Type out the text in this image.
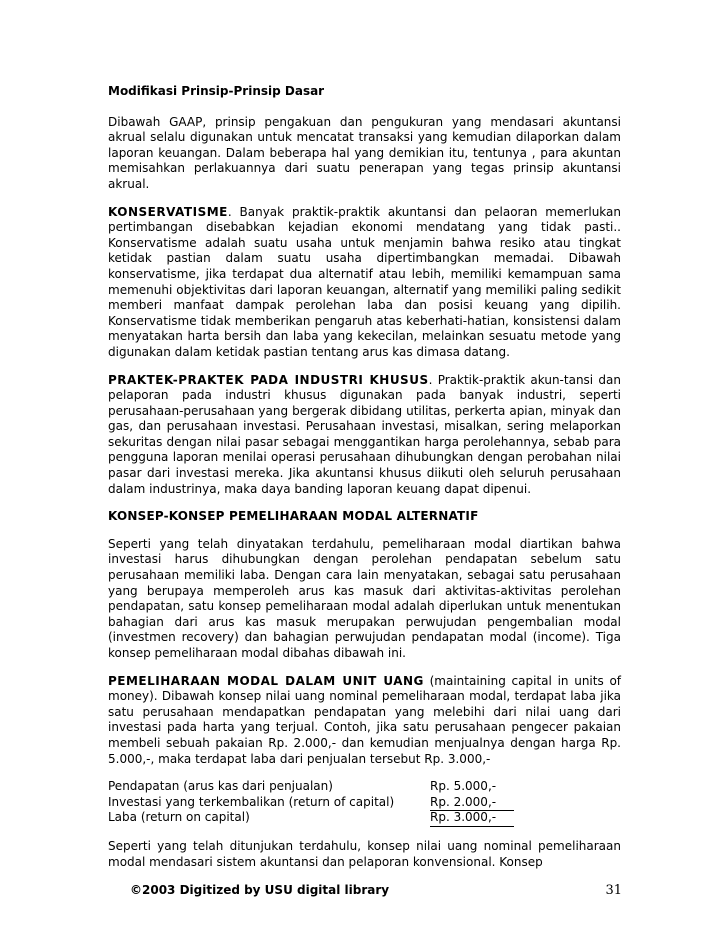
Modifikasi Prinsip-Prinsip Dasar

Dibawah GAAP, prinsip pengakuan dan pengukuran yang mendasari akuntansi akrual selalu digunakan untuk mencatat transaksi yang kemudian dilaporkan dalam laporan keuangan. Dalam beberapa hal yang demikian itu, tentunya , para akuntan memisahkan perlakuannya dari suatu penerapan yang tegas prinsip akuntansi akrual.

KONSERVATISME. Banyak praktik-praktik akuntansi dan pelaoran memerlukan pertimbangan disebabkan kejadian ekonomi mendatang yang tidak pasti.. Konservatisme adalah suatu usaha untuk menjamin bahwa resiko atau tingkat ketidak pastian dalam suatu usaha dipertimbangkan memadai. Dibawah konservatisme, jika terdapat dua alternatif atau lebih, memiliki kemampuan sama memenuhi objektivitas dari laporan keuangan, alternatif yang memiliki paling sedikit memberi manfaat dampak perolehan laba dan posisi keuang yang dipilih. Konservatisme tidak memberikan pengaruh atas keberhati-hatian, konsistensi dalam menyatakan harta bersih dan laba yang kekecilan, melainkan sesuatu metode yang digunakan dalam ketidak pastian tentang arus kas dimasa datang.

PRAKTEK-PRAKTEK PADA INDUSTRI KHUSUS. Praktik-praktik akun-tansi dan pelaporan pada industri khusus digunakan pada banyak industri, seperti perusahaan-perusahaan yang bergerak dibidang utilitas, perkerta apian, minyak dan gas, dan perusahaan investasi. Perusahaan investasi, misalkan, sering melaporkan sekuritas dengan nilai pasar sebagai menggantikan harga perolehannya, sebab para pengguna laporan menilai operasi perusahaan dihubungkan dengan perobahan nilai pasar dari investasi mereka. Jika akuntansi khusus diikuti oleh seluruh perusahaan dalam industrinya, maka daya banding laporan keuang dapat dipenui.

KONSEP-KONSEP PEMELIHARAAN MODAL ALTERNATIF

Seperti yang telah dinyatakan terdahulu, pemeliharaan modal diartikan bahwa investasi harus dihubungkan dengan perolehan pendapatan sebelum satu perusahaan memiliki laba. Dengan cara lain menyatakan, sebagai satu perusahaan yang berupaya memperoleh arus kas masuk dari aktivitas-aktivitas perolehan pendapatan, satu konsep pemeliharaan modal adalah diperlukan untuk menentukan bahagian dari arus kas masuk merupakan perwujudan pengembalian modal (investmen recovery) dan bahagian perwujudan pendapatan modal (income). Tiga konsep pemeliharaan modal dibahas dibawah ini.

PEMELIHARAAN MODAL DALAM UNIT UANG (maintaining capital in units of money). Dibawah konsep nilai uang nominal pemeliharaan modal, terdapat laba jika satu perusahaan mendapatkan pendapatan yang melebihi dari nilai uang dari investasi pada harta yang terjual. Contoh, jika satu perusahaan pengecer pakaian membeli sebuah pakaian Rp. 2.000,- dan kemudian menjualnya dengan harga Rp. 5.000,-, maka terdapat laba dari penjualan tersebut Rp. 3.000,-

Pendapatan (arus kas dari penjualan)	Rp. 5.000,-
Investasi yang terkembalikan (return of capital)	Rp. 2.000,-
Laba (return on capital)	Rp. 3.000,-

Seperti yang telah ditunjukan terdahulu, konsep nilai uang nominal pemeliharaan modal mendasari sistem akuntansi dan pelaporan konvensional. Konsep

©2003 Digitized by USU digital library	31
